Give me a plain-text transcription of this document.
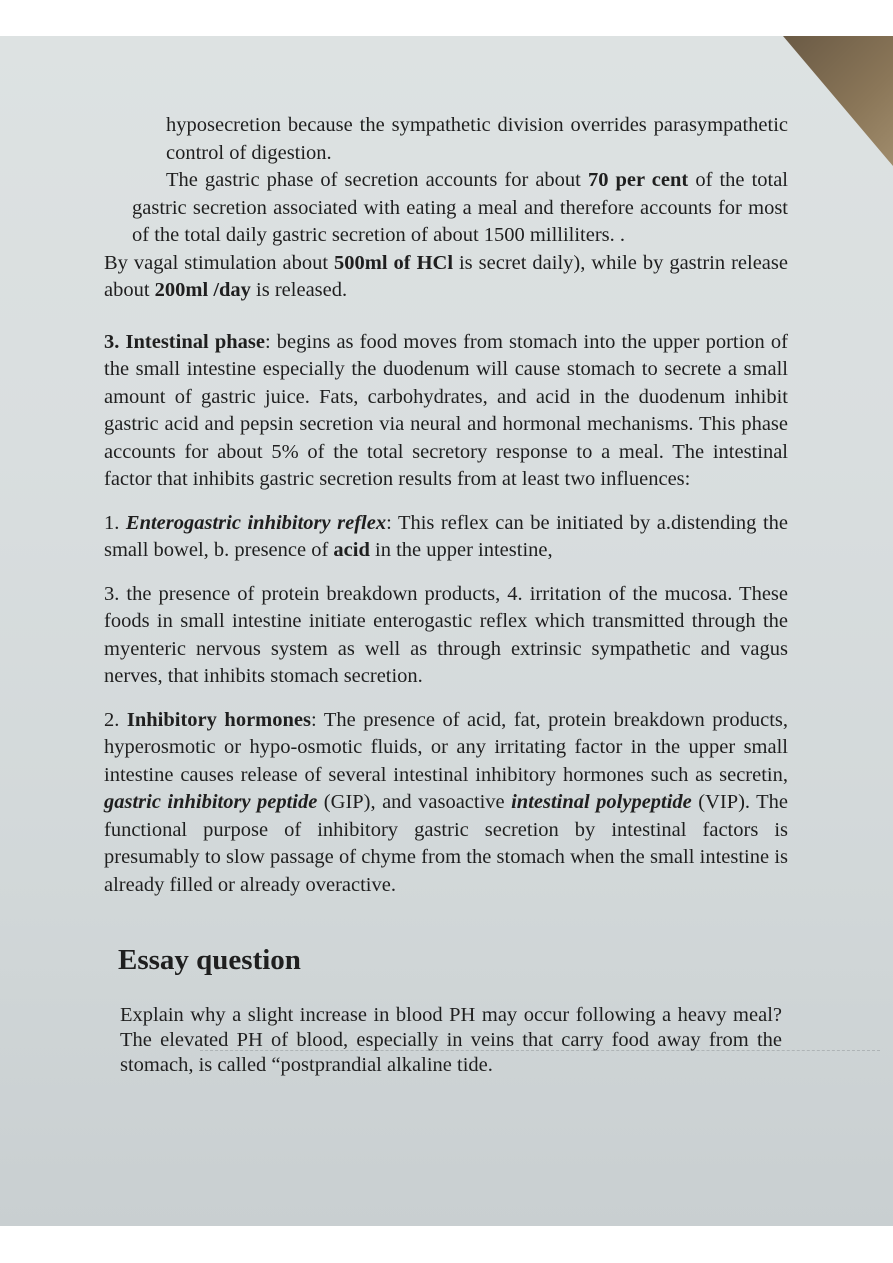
hyposecretion because the sympathetic division overrides parasympathetic control of digestion.

The gastric phase of secretion accounts for about 70 per cent of the total gastric secretion associated with eating a meal and therefore accounts for most of the total daily gastric secretion of about 1500 milliliters. .

By vagal stimulation about 500ml of HCl is secret daily), while by gastrin release about 200ml /day is released.

3. Intestinal phase: begins as food moves from stomach into the upper portion of the small intestine especially the duodenum will cause stomach to secrete a small amount of gastric juice. Fats, carbohydrates, and acid in the duodenum inhibit gastric acid and pepsin secretion via neural and hormonal mechanisms. This phase accounts for about 5% of the total secretory response to a meal. The intestinal factor that inhibits gastric secretion results from at least two influences:

1. Enterogastric inhibitory reflex: This reflex can be initiated by a.distending the small bowel, b. presence of acid in the upper intestine,

3. the presence of protein breakdown products, 4. irritation of the mucosa. These foods in small intestine initiate enterogastic reflex which transmitted through the myenteric nervous system as well as through extrinsic sympathetic and vagus nerves, that inhibits stomach secretion.

2. Inhibitory hormones: The presence of acid, fat, protein breakdown products, hyperosmotic or hypo-osmotic fluids, or any irritating factor in the upper small intestine causes release of several intestinal inhibitory hormones such as secretin, gastric inhibitory peptide (GIP), and vasoactive intestinal polypeptide (VIP). The functional purpose of inhibitory gastric secretion by intestinal factors is presumably to slow passage of chyme from the stomach when the small intestine is already filled or already overactive.

Essay question

Explain why a slight increase in blood PH may occur following a heavy meal? The elevated PH of blood, especially in veins that carry food away from the stomach, is called “postprandial alkaline tide.
